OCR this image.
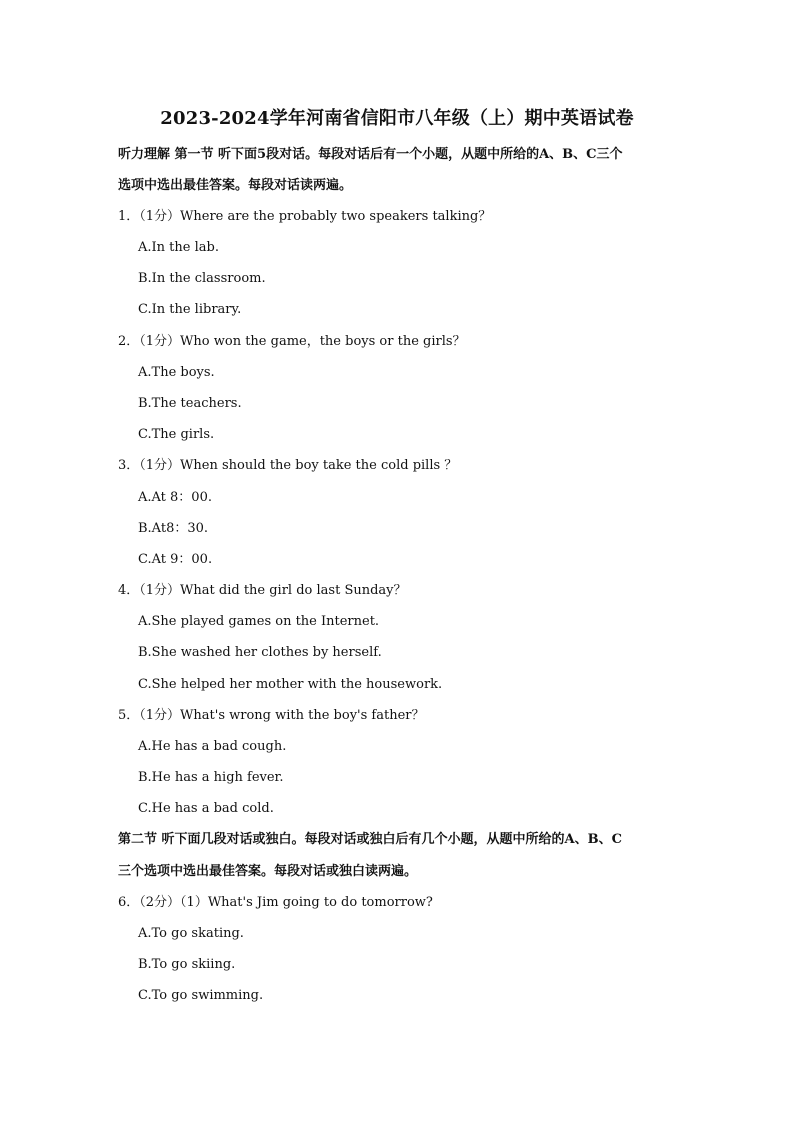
2023-2024学年河南省信阳市八年级（上）期中英语试卷
听力理解 第一节 听下面5段对话。每段对话后有一个小题，从题中所给的A、B、C三个
选项中选出最佳答案。每段对话读两遍。
1．（1分）Where are the probably two speakers talking？
A.In the lab.
B.In the classroom.
C.In the library.
2．（1分）Who won the game，the boys or the girls？
A.The boys.
B.The teachers.
C.The girls.
3．（1分）When should the boy take the cold pills ？
A.At 8：00.
B.At8：30.
C.At 9：00.
4．（1分）What did the girl do last Sunday？
A.She played games on the Internet.
B.She washed her clothes by herself.
C.She helped her mother with the housework.
5．（1分）What's wrong with the boy's father？
A.He has a bad cough.
B.He has a high fever.
C.He has a bad cold.
第二节 听下面几段对话或独白。每段对话或独白后有几个小题，从题中所给的A、B、C
三个选项中选出最佳答案。每段对话或独白读两遍。
6．（2分）（1）What's Jim going to do tomorrow?
A.To go skating.
B.To go skiing.
C.To go swimming.
